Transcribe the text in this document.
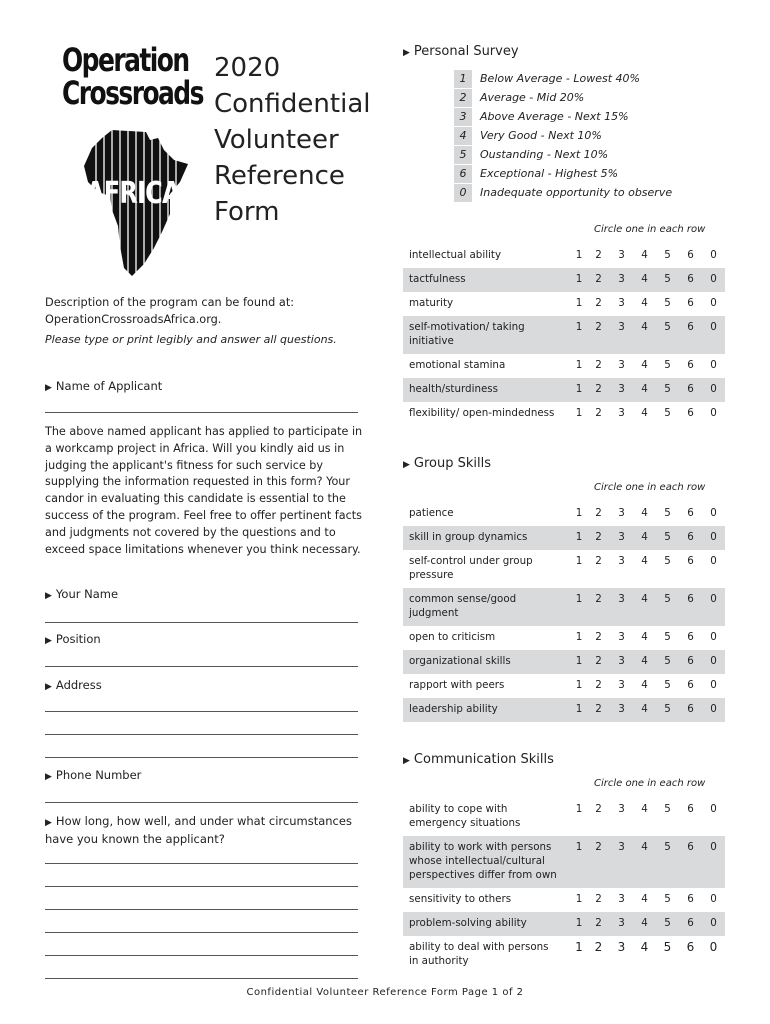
Operation
Crossroads
AFRICA
2020
Confidential
Volunteer
Reference
Form
Description of the program can be found at: OperationCrossroadsAfrica.org.
Please type or print legibly and answer all questions.
▶ Name of Applicant
The above named applicant has applied to participate in a workcamp project in Africa. Will you kindly aid us in judging the applicant's fitness for such service by supplying the information requested in this form? Your candor in evaluating this candidate is essential to the success of the program. Feel free to offer pertinent facts and judgments not covered by the questions and to exceed space limitations whenever you think necessary.
▶ Your Name
▶ Position
▶ Address
▶ Phone Number
▶ How long, how well, and under what circumstances have you known the applicant?
▶ Personal Survey
1	Below Average - Lowest 40%
2	Average - Mid 20%
3	Above Average - Next 15%
4	Very Good - Next 10%
5	Oustanding - Next 10%
6	Exceptional - Highest 5%
0	Inadequate opportunity to observe
Circle one in each row
intellectual ability	1	2	3	4	5	6	0
tactfulness	1	2	3	4	5	6	0
maturity	1	2	3	4	5	6	0
self-motivation/ taking initiative
1	2	3	4	5	6	0
emotional stamina	1	2	3	4	5	6	0
health/sturdiness	1	2	3	4	5	6	0
flexibility/ open-mindedness	1	2	3	4	5	6	0
▶ Group Skills
Circle one in each row
patience	1	2	3	4	5	6	0
skill in group dynamics	1	2	3	4	5	6	0
self-control under group pressure
1	2	3	4	5	6	0
common sense/good judgment
1	2	3	4	5	6	0
open to criticism	1	2	3	4	5	6	0
organizational skills	1	2	3	4	5	6	0
rapport with peers	1	2	3	4	5	6	0
leadership ability	1	2	3	4	5	6	0
▶ Communication Skills
Circle one in each row
ability to cope with emergency situations
1	2	3	4	5	6	0
ability to work with persons whose intellectual/cultural perspectives differ from own
1	2	3	4	5	6	0
sensitivity to others	1	2	3	4	5	6	0
problem-solving ability	1	2	3	4	5	6	0
ability to deal with persons in authority
1 2	3	4	5	6	0
Confidential Volunteer Reference Form Page 1 of 2
